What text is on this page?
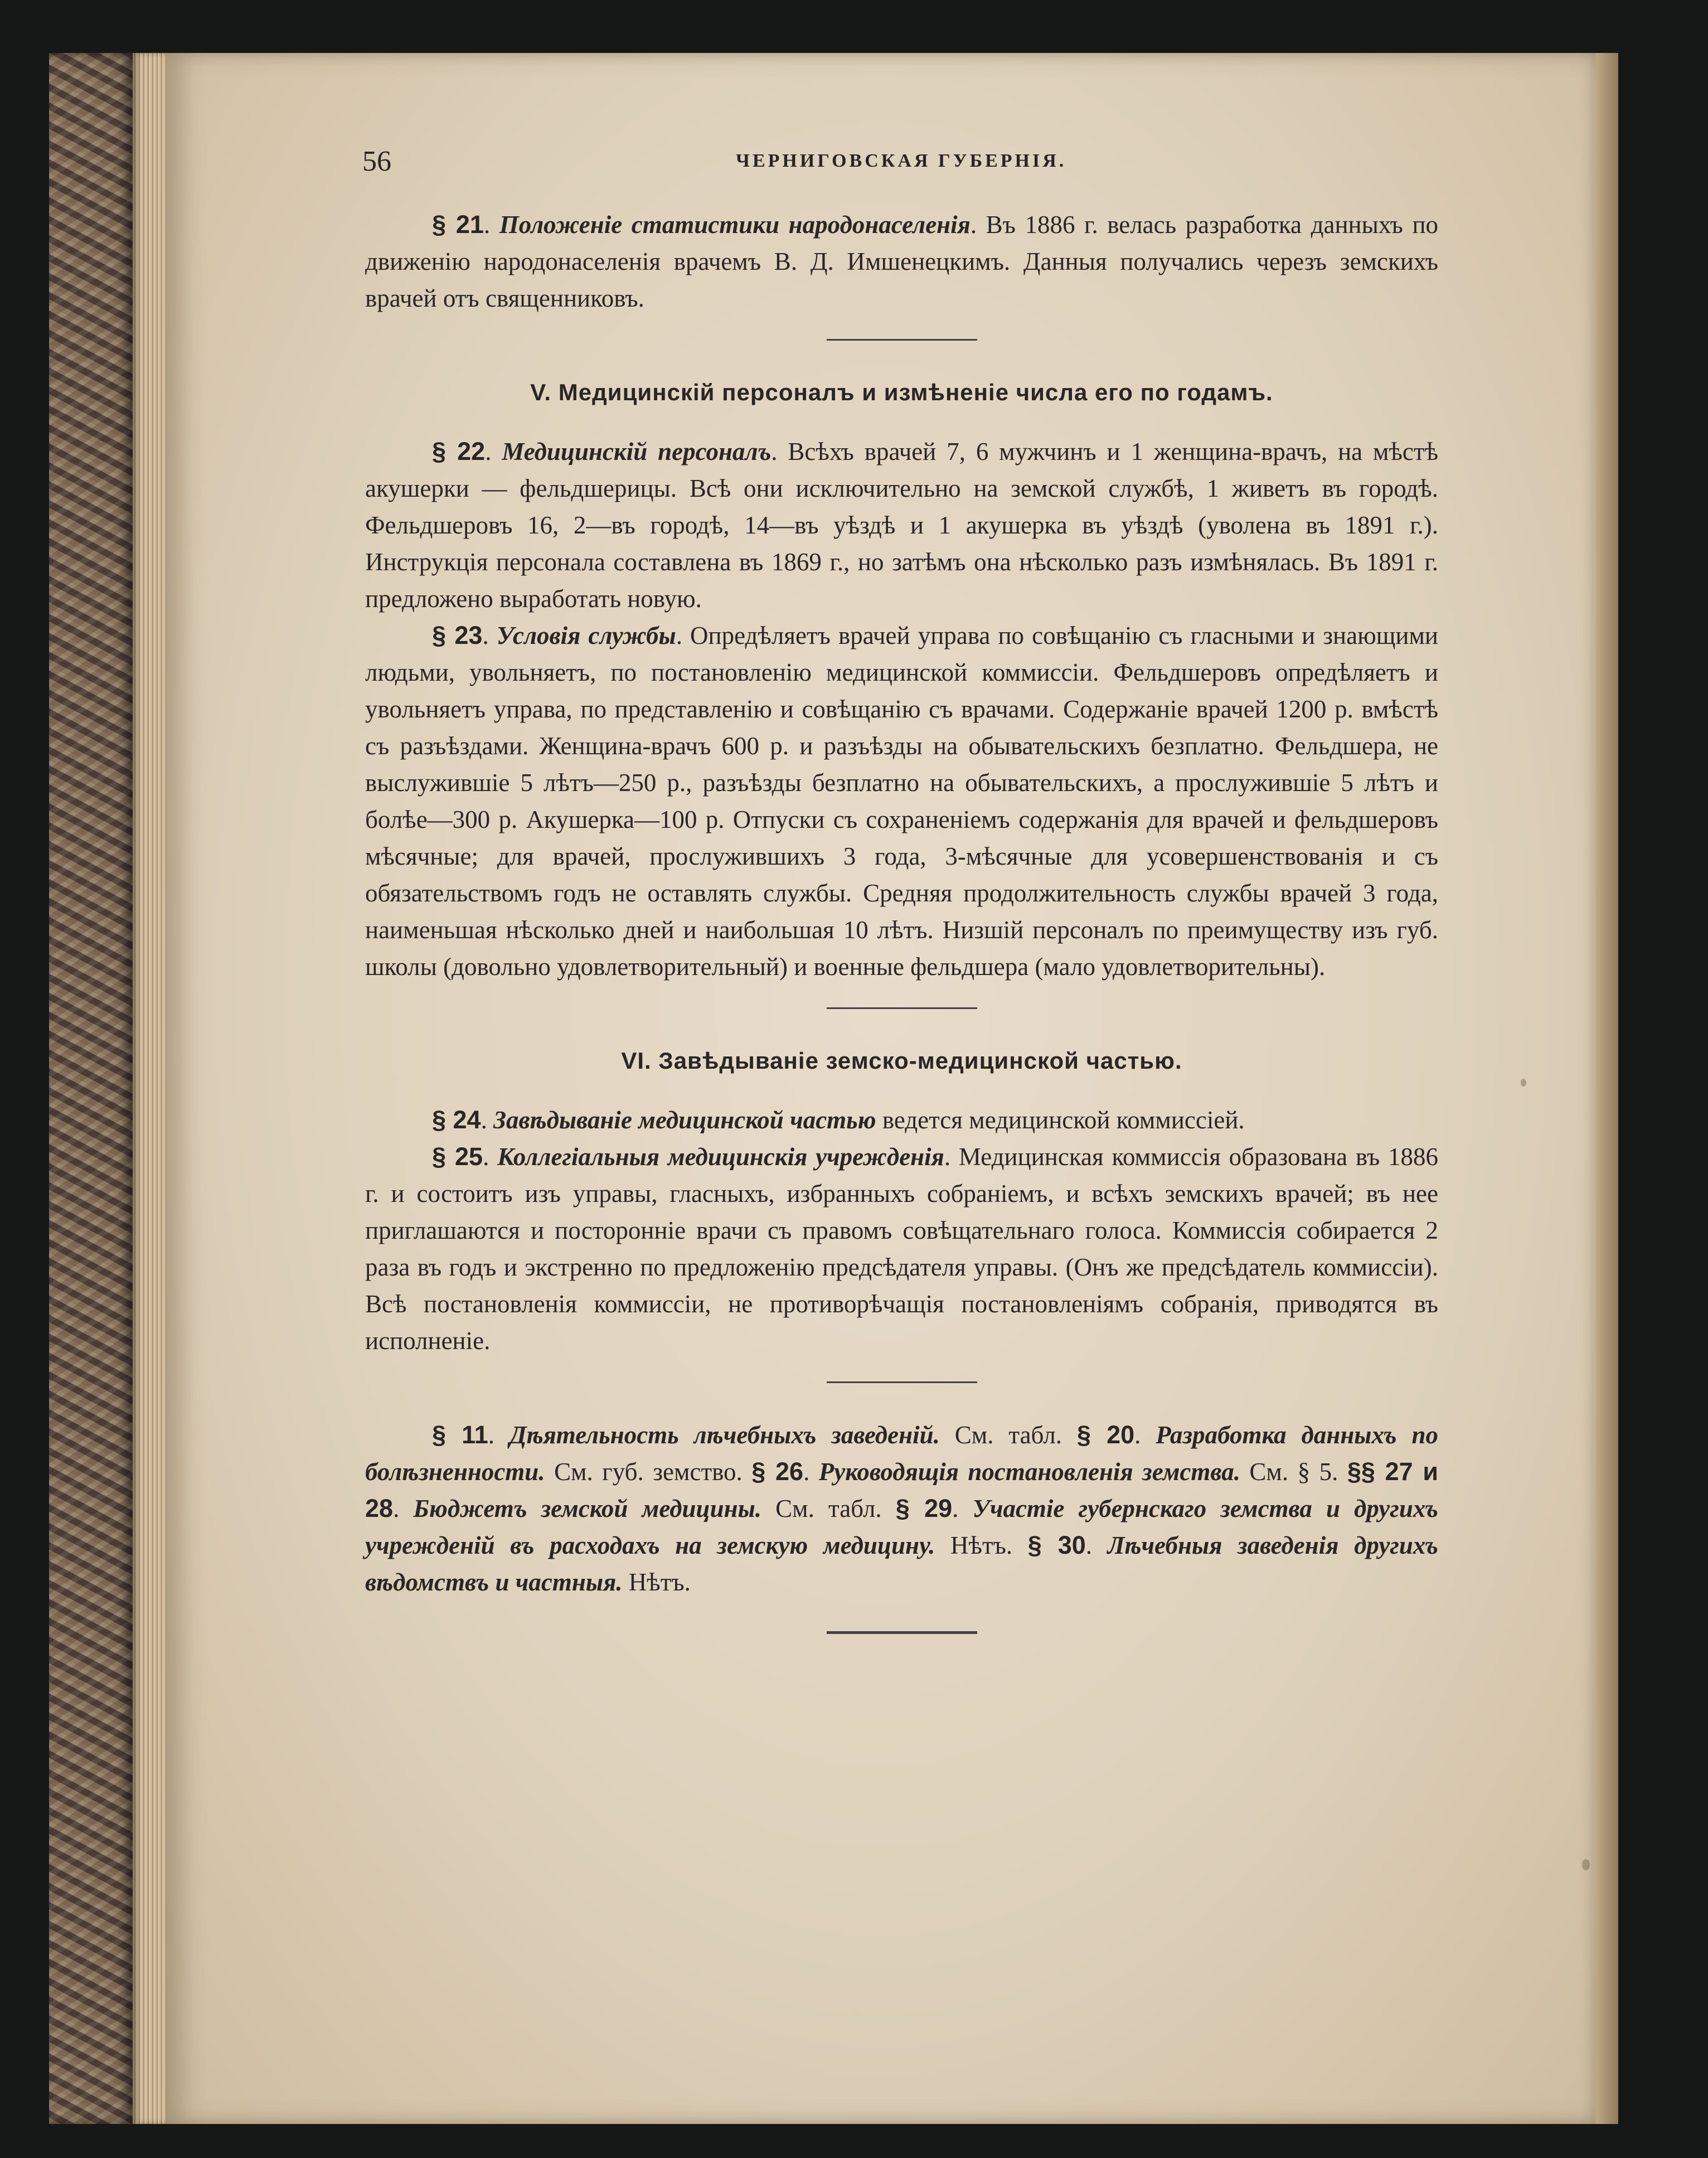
56	ЧЕРНИГОВСКАЯ ГУБЕРНІЯ.

§ 21. Положеніе статистики народонаселенія. Въ 1886 г. велась разработка данныхъ по движенію народонаселенія врачемъ В. Д. Имшенецкимъ. Данныя получались черезъ земскихъ врачей отъ священниковъ.

V. Медицинскій персоналъ и измѣненіе числа его по годамъ.

§ 22. Медицинскій персоналъ. Всѣхъ врачей 7, 6 мужчинъ и 1 женщина-врачъ, на мѣстѣ акушерки — фельдшерицы. Всѣ они исключительно на земской службѣ, 1 живетъ въ городѣ. Фельдшеровъ 16, 2—въ городѣ, 14—въ уѣздѣ и 1 акушерка въ уѣздѣ (уволена въ 1891 г.). Инструкція персонала составлена въ 1869 г., но затѣмъ она нѣсколько разъ измѣнялась. Въ 1891 г. предложено выработать новую.

§ 23. Условія службы. Опредѣляетъ врачей управа по совѣщанію съ гласными и знающими людьми, увольняетъ, по постановленію медицинской коммиссіи. Фельдшеровъ опредѣляетъ и увольняетъ управа, по представленію и совѣщанію съ врачами. Содержаніе врачей 1200 р. вмѣстѣ съ разъѣздами. Женщина-врачъ 600 р. и разъѣзды на обывательскихъ безплатно. Фельдшера, не выслужившіе 5 лѣтъ—250 р., разъѣзды безплатно на обывательскихъ, а прослужившіе 5 лѣтъ и болѣе—300 р. Акушерка—100 р. Отпуски съ сохраненіемъ содержанія для врачей и фельдшеровъ мѣсячные; для врачей, прослужившихъ 3 года, 3-мѣсячные для усовершенствованія и съ обязательствомъ годъ не оставлять службы. Средняя продолжительность службы врачей 3 года, наименьшая нѣсколько дней и наибольшая 10 лѣтъ. Низшій персоналъ по преимуществу изъ губ. школы (довольно удовлетворительный) и военные фельдшера (мало удовлетворительны).

VI. Завѣдываніе земско-медицинской частью.

§ 24. Завѣдываніе медицинской частью ведется медицинской коммиссіей.

§ 25. Коллегіальныя медицинскія учрежденія. Медицинская коммиссія образована въ 1886 г. и состоитъ изъ управы, гласныхъ, избранныхъ собраніемъ, и всѣхъ земскихъ врачей; въ нее приглашаются и посторонніе врачи съ правомъ совѣщательнаго голоса. Коммиссія собирается 2 раза въ годъ и экстренно по предложенію предсѣдателя управы. (Онъ же предсѣдатель коммиссіи). Всѣ постановленія коммиссіи, не противорѣчащія постановленіямъ собранія, приводятся въ исполненіе.

§ 11. Дѣятельность лѣчебныхъ заведеній. См. табл. § 20. Разработка данныхъ по болѣзненности. См. губ. земство. § 26. Руководящія постановленія земства. См. § 5. §§ 27 и 28. Бюджетъ земской медицины. См. табл. § 29. Участіе губернскаго земства и другихъ учрежденій въ расходахъ на земскую медицину. Нѣтъ. § 30. Лѣчебныя заведенія другихъ вѣдомствъ и частныя. Нѣтъ.
